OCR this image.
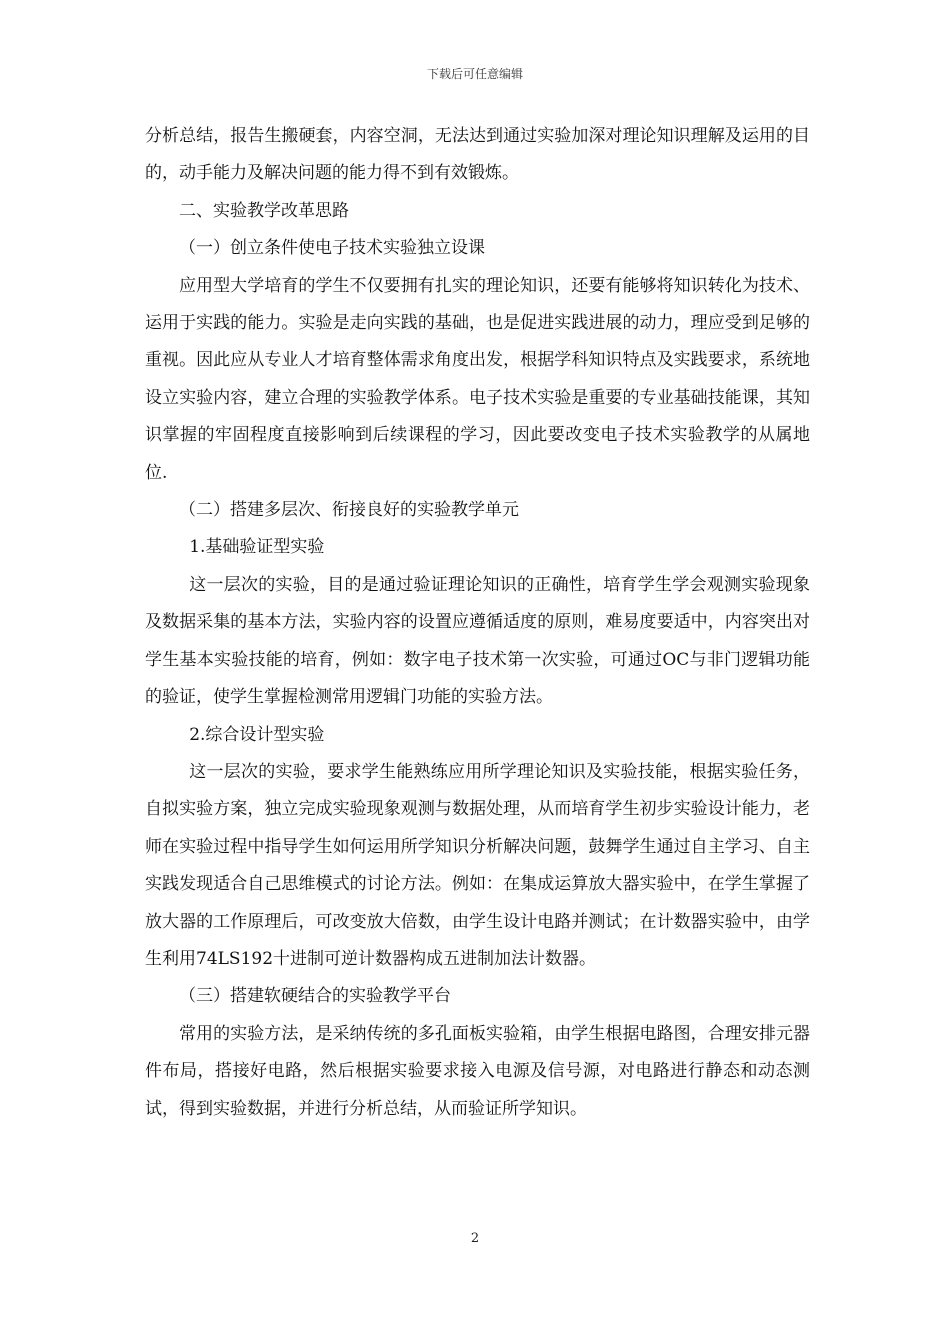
下载后可任意编辑

分析总结，报告生搬硬套，内容空洞，无法达到通过实验加深对理论知识理解及运用的目的，动手能力及解决问题的能力得不到有效锻炼。

二、实验教学改革思路

（一）创立条件使电子技术实验独立设课

应用型大学培育的学生不仅要拥有扎实的理论知识，还要有能够将知识转化为技术、运用于实践的能力。实验是走向实践的基础，也是促进实践进展的动力，理应受到足够的重视。因此应从专业人才培育整体需求角度出发，根据学科知识特点及实践要求，系统地设立实验内容，建立合理的实验教学体系。电子技术实验是重要的专业基础技能课，其知识掌握的牢固程度直接影响到后续课程的学习，因此要改变电子技术实验教学的从属地位.

（二）搭建多层次、衔接良好的实验教学单元

1.基础验证型实验

这一层次的实验，目的是通过验证理论知识的正确性，培育学生学会观测实验现象及数据采集的基本方法，实验内容的设置应遵循适度的原则，难易度要适中，内容突出对学生基本实验技能的培育，例如：数字电子技术第一次实验，可通过OC与非门逻辑功能的验证，使学生掌握检测常用逻辑门功能的实验方法。

2.综合设计型实验

这一层次的实验，要求学生能熟练应用所学理论知识及实验技能，根据实验任务，自拟实验方案，独立完成实验现象观测与数据处理，从而培育学生初步实验设计能力，老师在实验过程中指导学生如何运用所学知识分析解决问题，鼓舞学生通过自主学习、自主实践发现适合自己思维模式的讨论方法。例如：在集成运算放大器实验中，在学生掌握了放大器的工作原理后，可改变放大倍数，由学生设计电路并测试；在计数器实验中，由学生利用74LS192十进制可逆计数器构成五进制加法计数器。

（三）搭建软硬结合的实验教学平台

常用的实验方法，是采纳传统的多孔面板实验箱，由学生根据电路图，合理安排元器件布局，搭接好电路，然后根据实验要求接入电源及信号源，对电路进行静态和动态测试，得到实验数据，并进行分析总结，从而验证所学知识。

2
